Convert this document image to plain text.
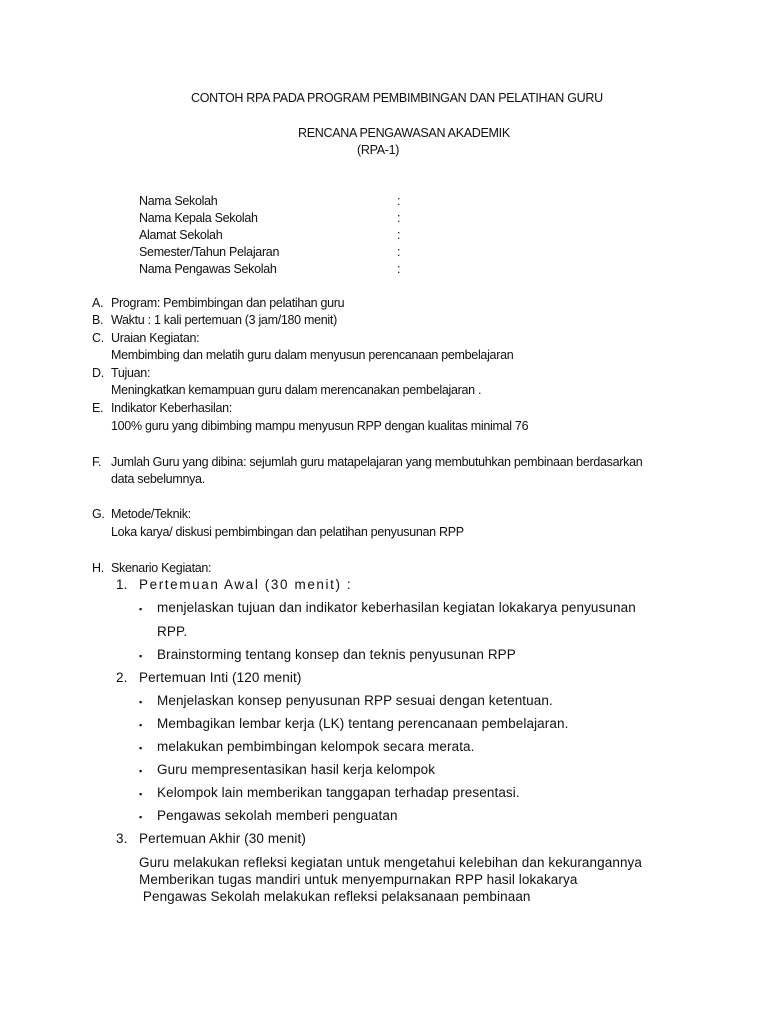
CONTOH RPA PADA PROGRAM PEMBIMBINGAN DAN PELATIHAN GURU
RENCANA PENGAWASAN AKADEMIK
(RPA-1)
Nama Sekolah	:
Nama Kepala Sekolah	:
Alamat Sekolah	:
Semester/Tahun Pelajaran	:
Nama Pengawas Sekolah	:
A. Program: Pembimbingan dan pelatihan guru
B. Waktu : 1 kali pertemuan (3 jam/180 menit)
C. Uraian Kegiatan:
Membimbing dan melatih guru dalam menyusun perencanaan pembelajaran
D. Tujuan:
Meningkatkan kemampuan guru dalam merencanakan pembelajaran .
E. Indikator Keberhasilan:
100% guru yang dibimbing mampu menyusun RPP dengan kualitas minimal 76
F. Jumlah Guru yang dibina: sejumlah guru matapelajaran yang membutuhkan pembinaan berdasarkan
data sebelumnya.
G. Metode/Teknik:
Loka karya/ diskusi pembimbingan dan pelatihan penyusunan RPP
H. Skenario Kegiatan:
1. Pertemuan Awal (30 menit) :
▪ menjelaskan tujuan dan indikator keberhasilan kegiatan lokakarya penyusunan
RPP.
▪ Brainstorming tentang konsep dan teknis penyusunan RPP
2. Pertemuan Inti (120 menit)
▪ Menjelaskan konsep penyusunan RPP sesuai dengan ketentuan.
▪ Membagikan lembar kerja (LK) tentang perencanaan pembelajaran.
▪ melakukan pembimbingan kelompok secara merata.
▪ Guru mempresentasikan hasil kerja kelompok
▪ Kelompok lain memberikan tanggapan terhadap presentasi.
▪ Pengawas sekolah memberi penguatan
3. Pertemuan Akhir (30 menit)
Guru melakukan refleksi kegiatan untuk mengetahui kelebihan dan kekurangannya
Memberikan tugas mandiri untuk menyempurnakan RPP hasil lokakarya
Pengawas Sekolah melakukan refleksi pelaksanaan pembinaan
